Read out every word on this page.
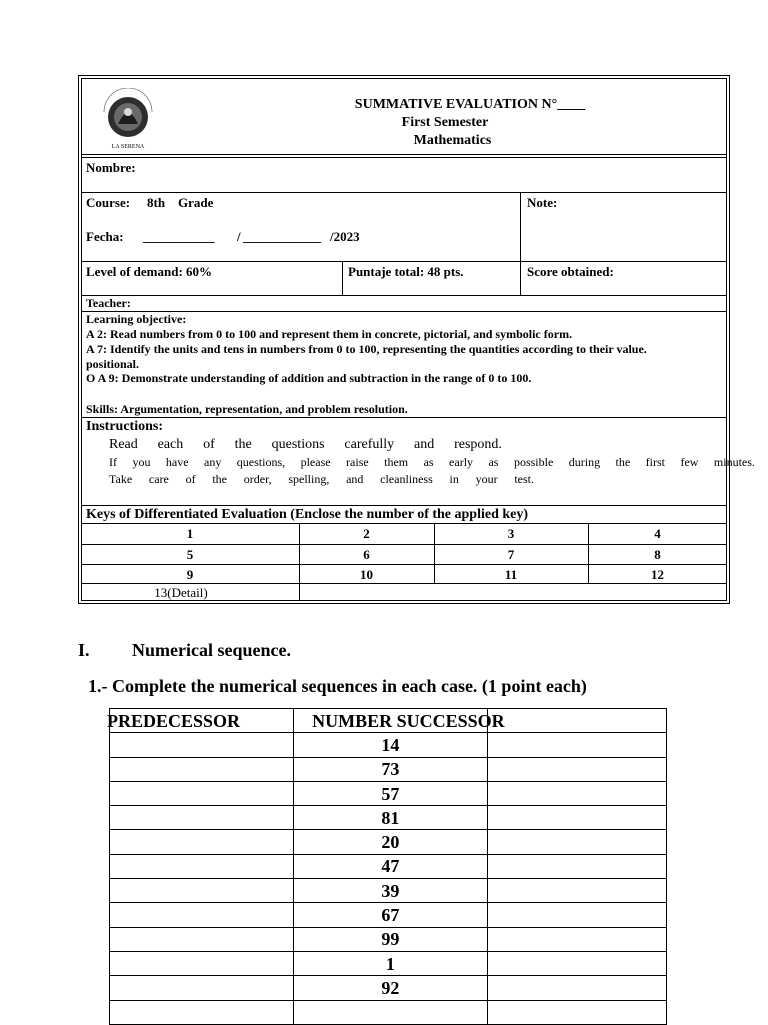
LA SERENA
SUMMATIVE EVALUATION N°____
First Semester
Mathematics
Nombre:
Course: 8th Grade	Note:
Fecha: ___________ / ____________ /2023
Level of demand: 60%	Puntaje total: 48 pts.	Score obtained:
Teacher:
Learning objective:
A 2: Read numbers from 0 to 100 and represent them in concrete, pictorial, and symbolic form.
A 7: Identify the units and tens in numbers from 0 to 100, representing the quantities according to their value.
positional.
O A 9: Demonstrate understanding of addition and subtraction in the range of 0 to 100.
Skills: Argumentation, representation, and problem resolution.
Instructions:
Read each of the questions carefully and respond.
If you have any questions, please raise them as early as possible during the first few minutes.
Take care of the order, spelling, and cleanliness in your test.
Keys of Differentiated Evaluation (Enclose the number of the applied key)
1	2	3	4
5	6	7	8
9	10	11	12
13(Detail)
I. Numerical sequence.
1.- Complete the numerical sequences in each case. (1 point each)
PREDECESSOR	NUMBER SUCCESSOR	
	14	
	73	
	57	
	81	
	20	
	47	
	39	
	67	
	99	
	1	
	92	
